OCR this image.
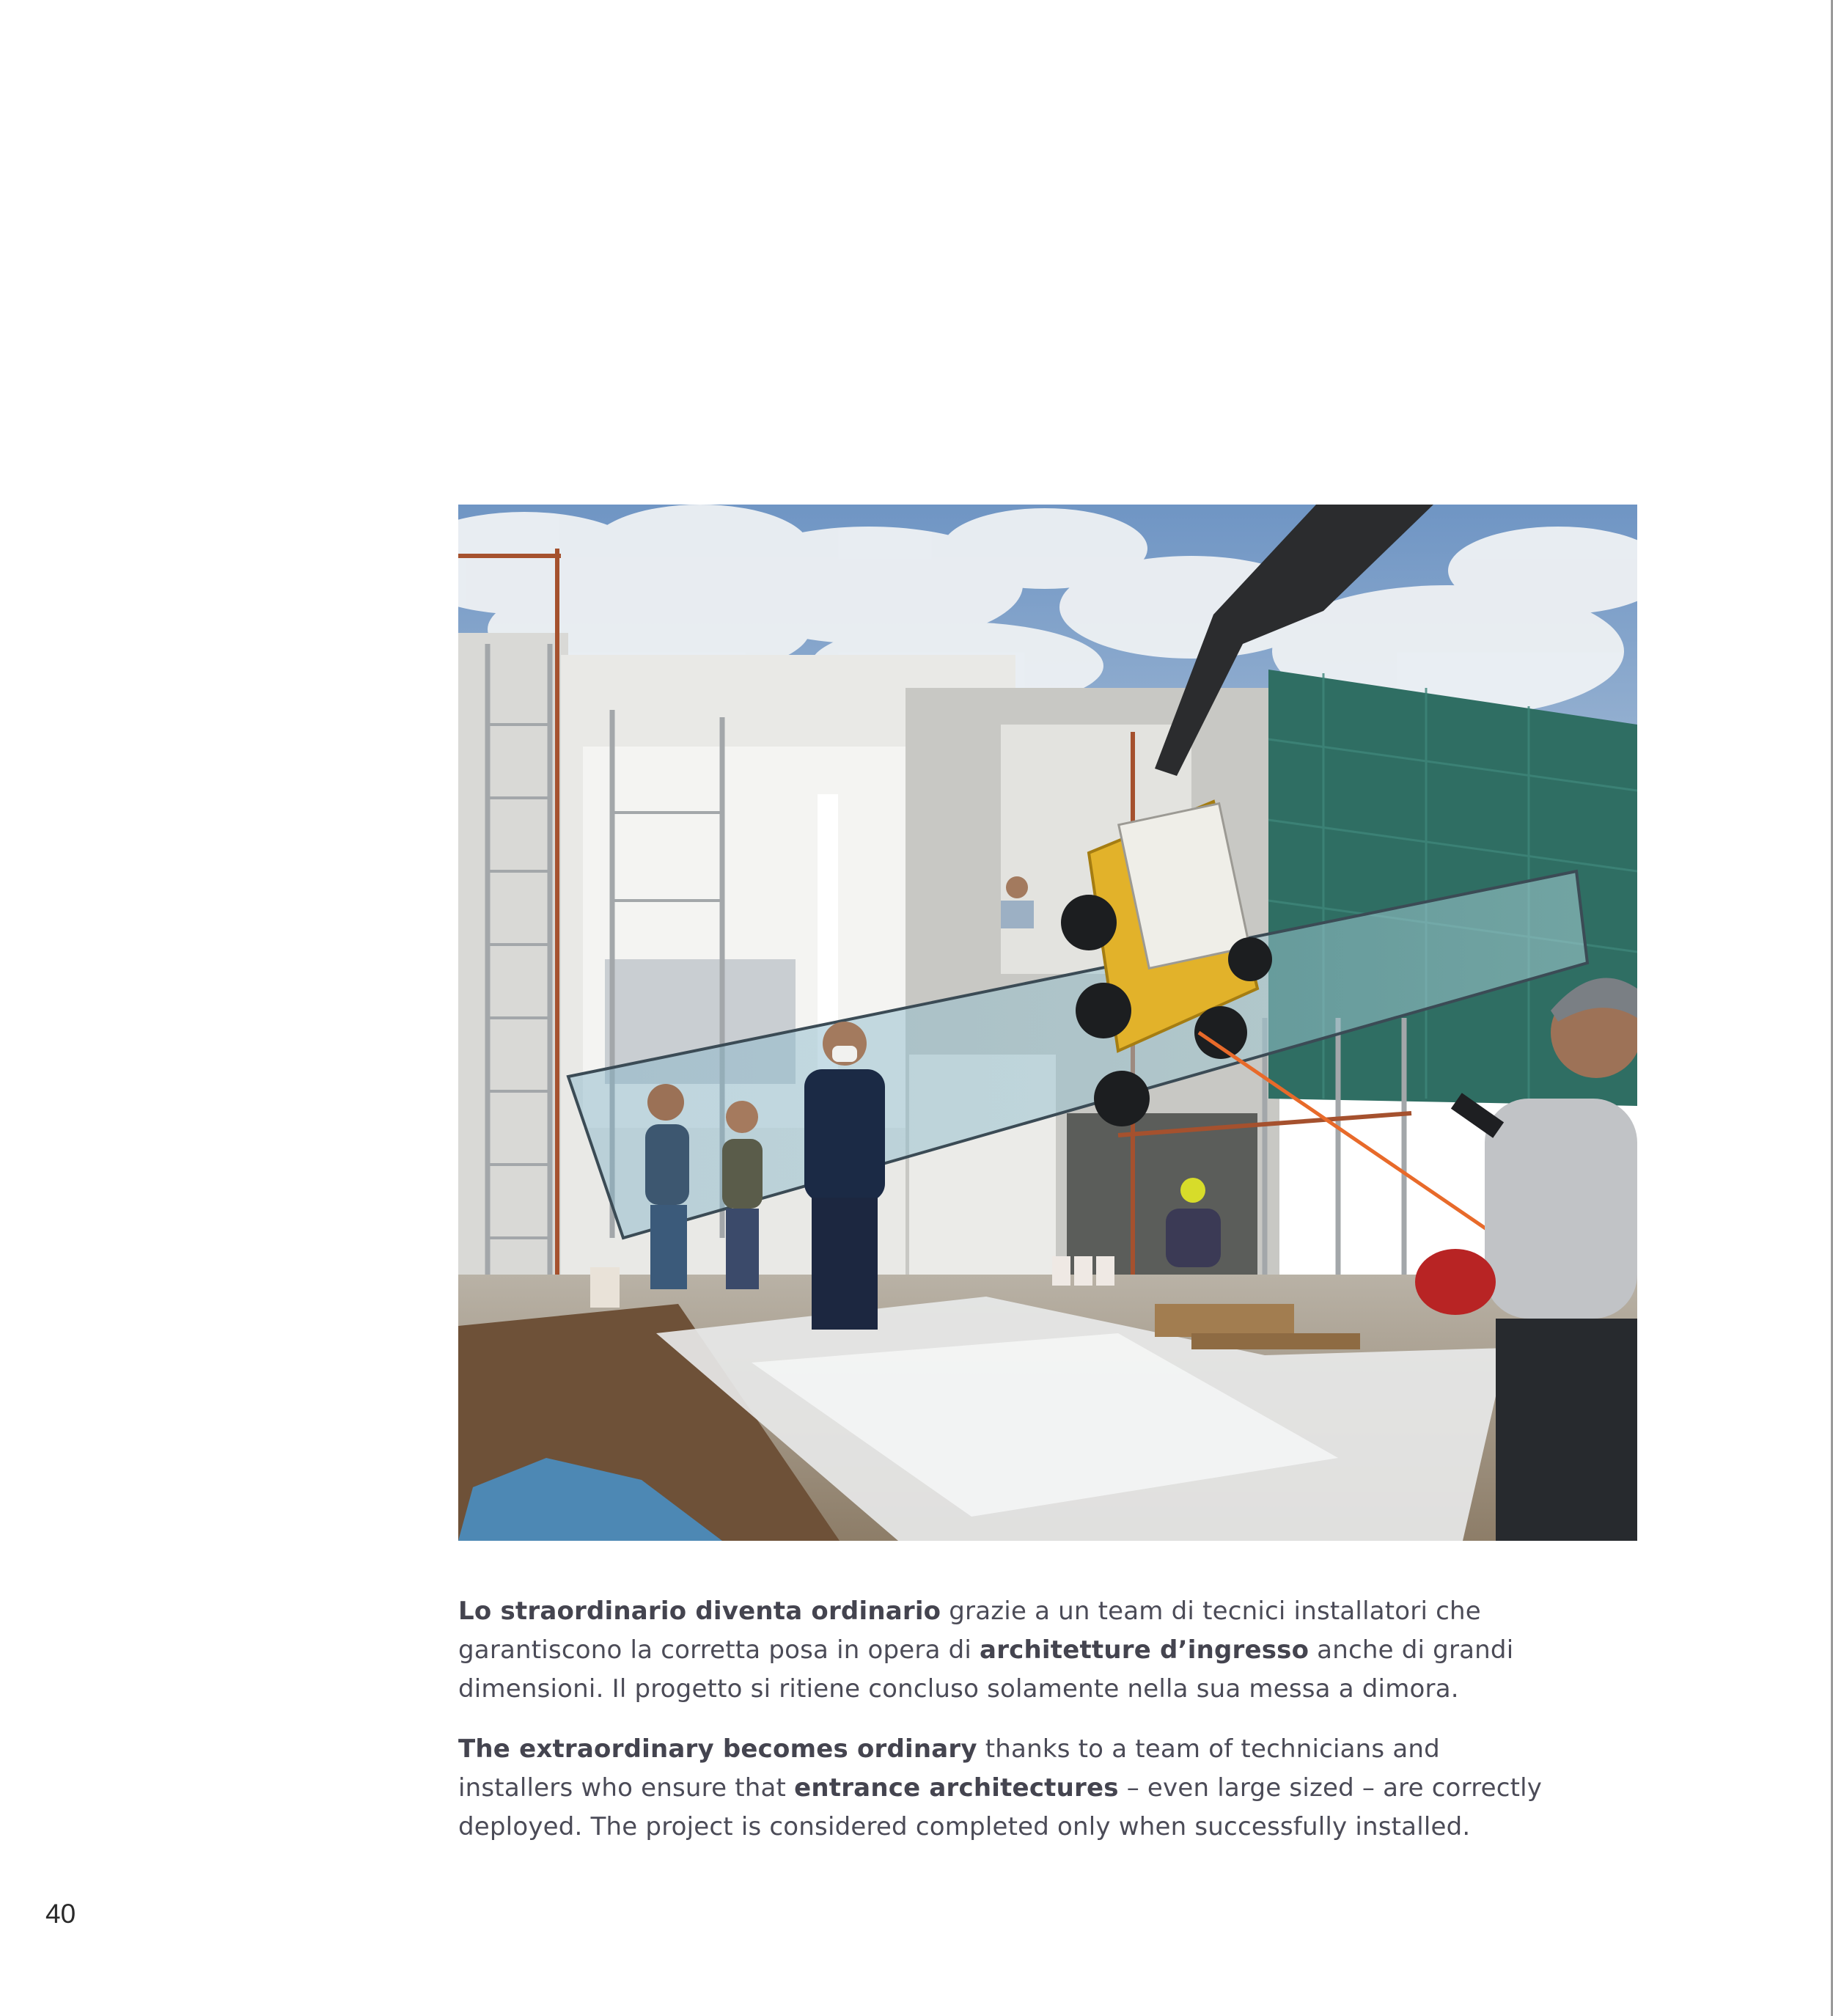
Lo straordinario diventa ordinario grazie a un team di tecnici installatori che garantiscono la corretta posa in opera di architetture d’ingresso anche di grandi dimensioni. Il progetto si ritiene concluso solamente nella sua messa a dimora.

The extraordinary becomes ordinary thanks to a team of technicians and installers who ensure that entrance architectures – even large sized – are correctly deployed. The project is considered completed only when successfully installed.

40
